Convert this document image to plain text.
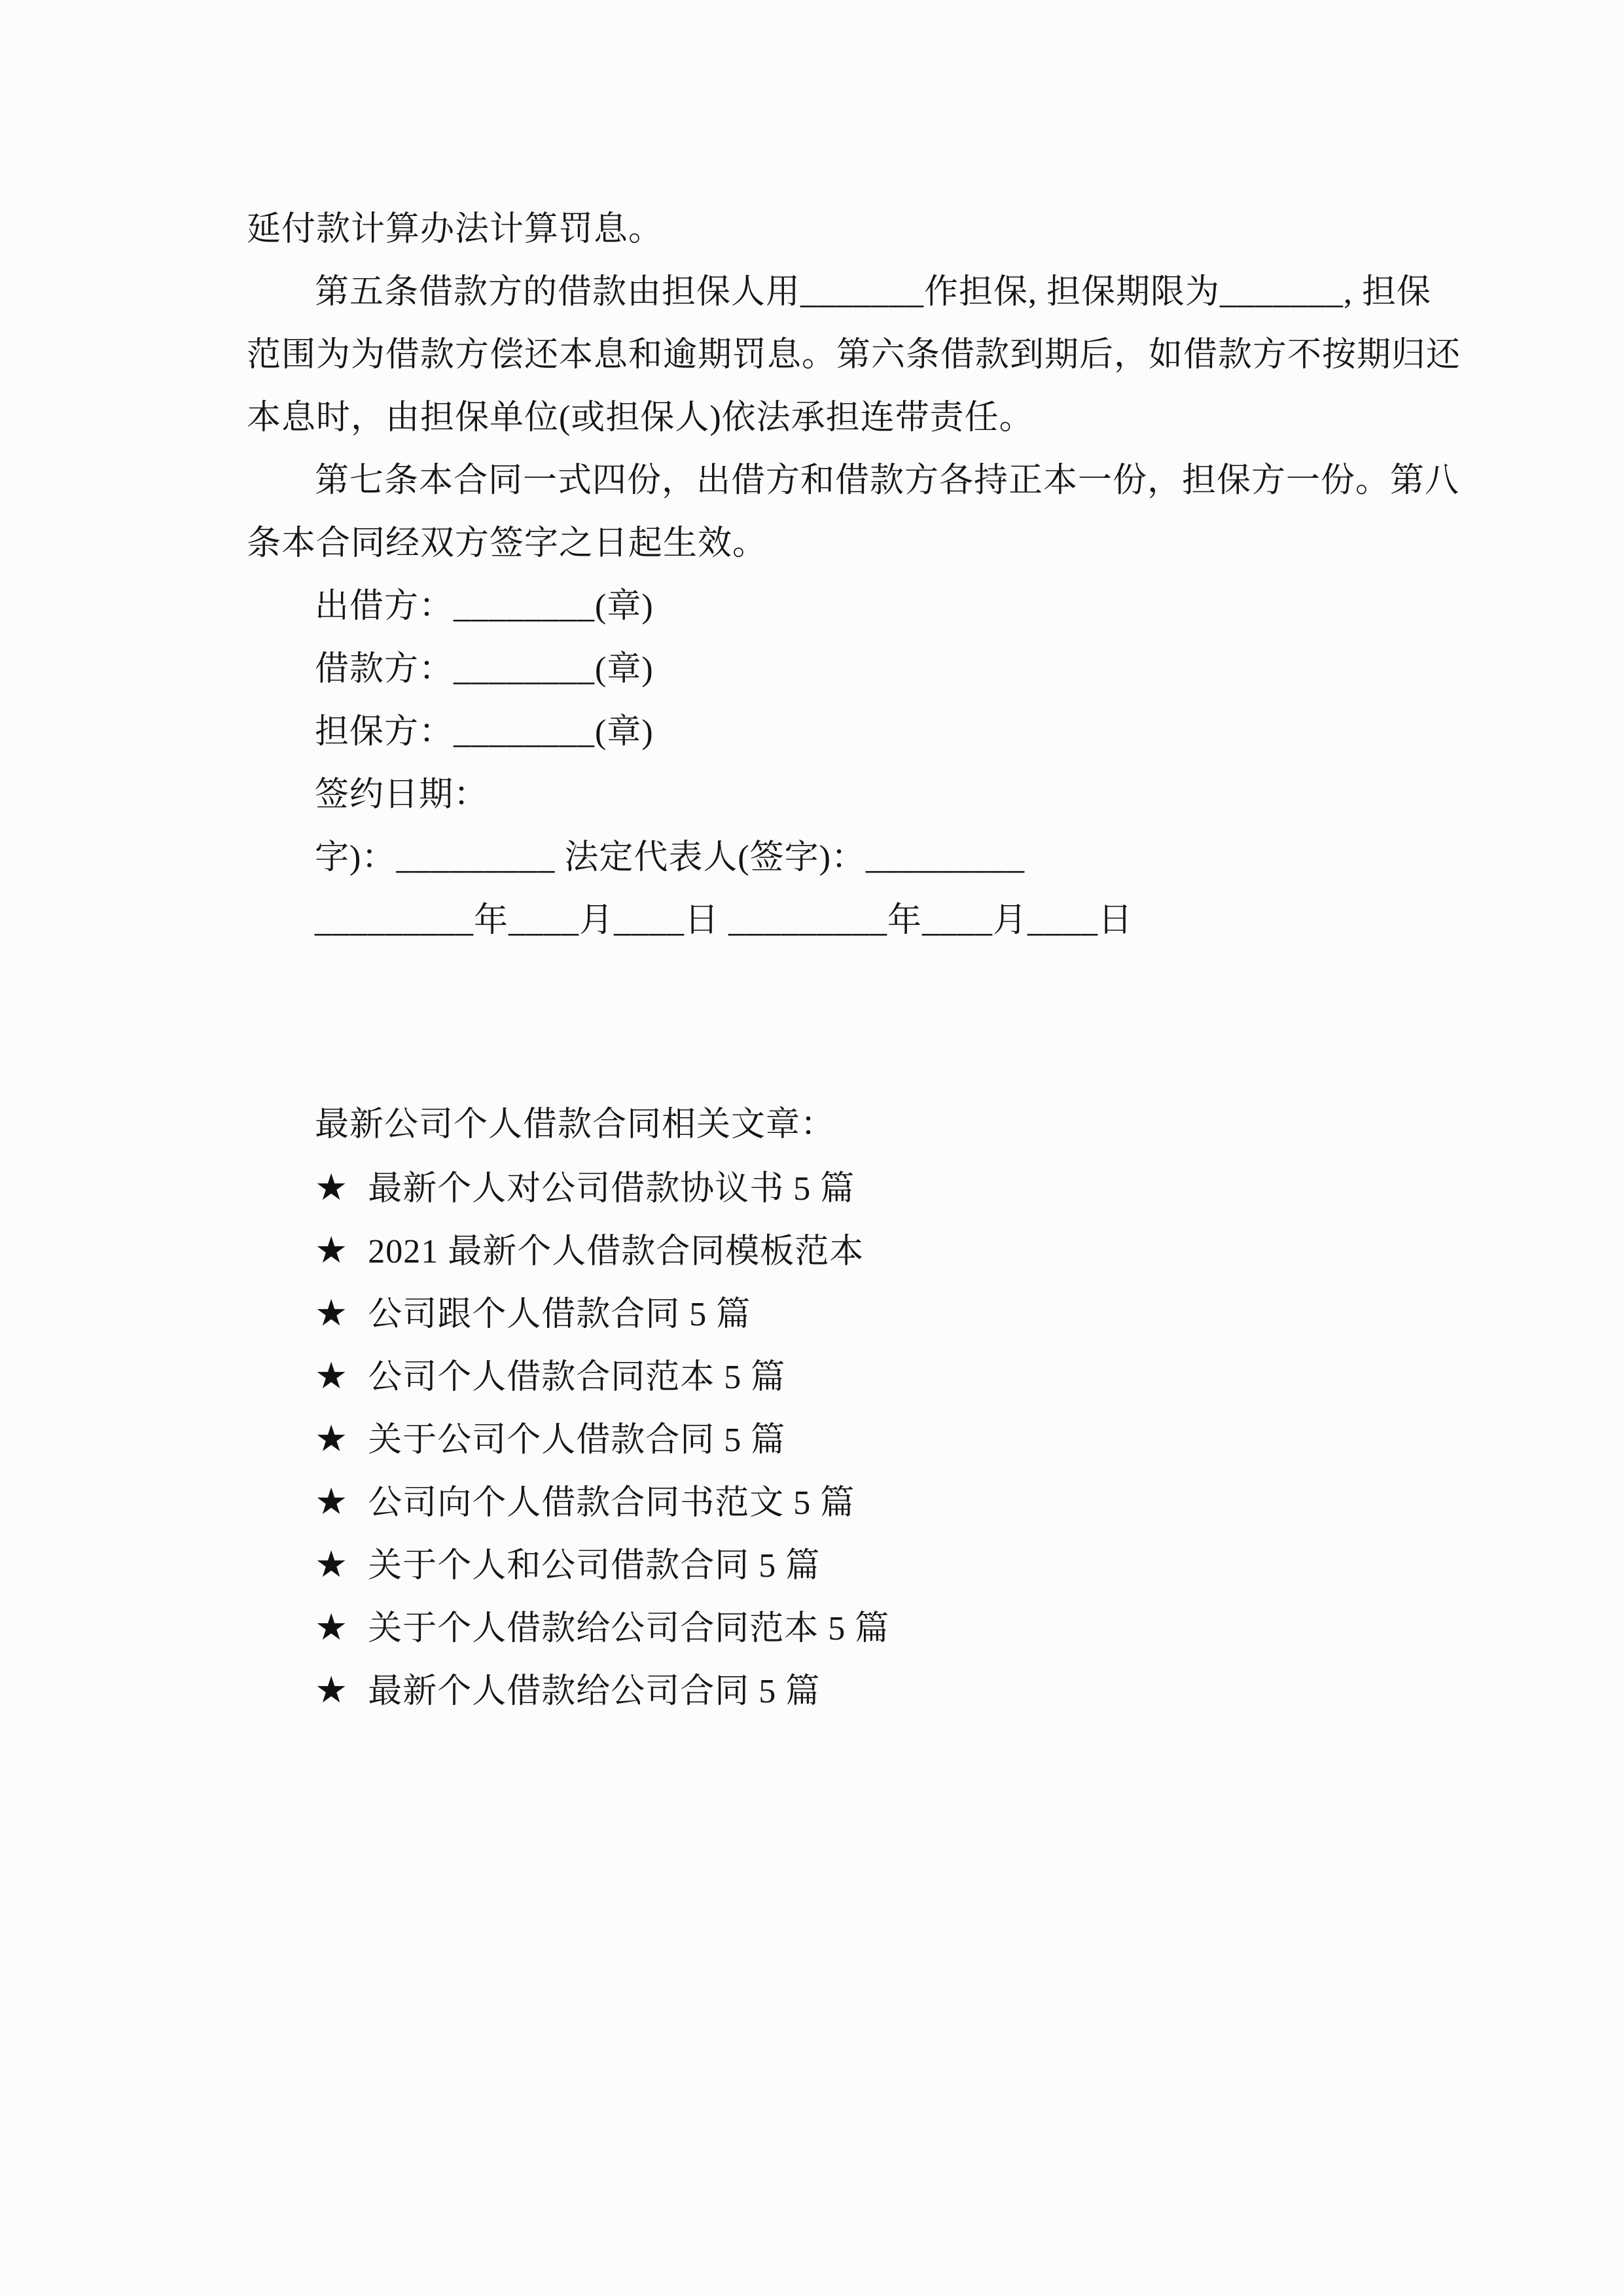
延付款计算办法计算罚息。
第五条借款方的借款由担保人用_______作担保, 担保期限为_______, 担保
范围为为借款方偿还本息和逾期罚息。第六条借款到期后，如借款方不按期归还
本息时，由担保单位(或担保人)依法承担连带责任。
第七条本合同一式四份，出借方和借款方各持正本一份，担保方一份。第八
条本合同经双方签字之日起生效。
出借方：________(章)
借款方：________(章)
担保方：________(章)
签约日期：
字)：_________ 法定代表人(签字)：_________
_________年____月____日 _________年____月____日
最新公司个人借款合同相关文章：
★ 最新个人对公司借款协议书 5 篇
★ 2021 最新个人借款合同模板范本
★ 公司跟个人借款合同 5 篇
★ 公司个人借款合同范本 5 篇
★ 关于公司个人借款合同 5 篇
★ 公司向个人借款合同书范文 5 篇
★ 关于个人和公司借款合同 5 篇
★ 关于个人借款给公司合同范本 5 篇
★ 最新个人借款给公司合同 5 篇
